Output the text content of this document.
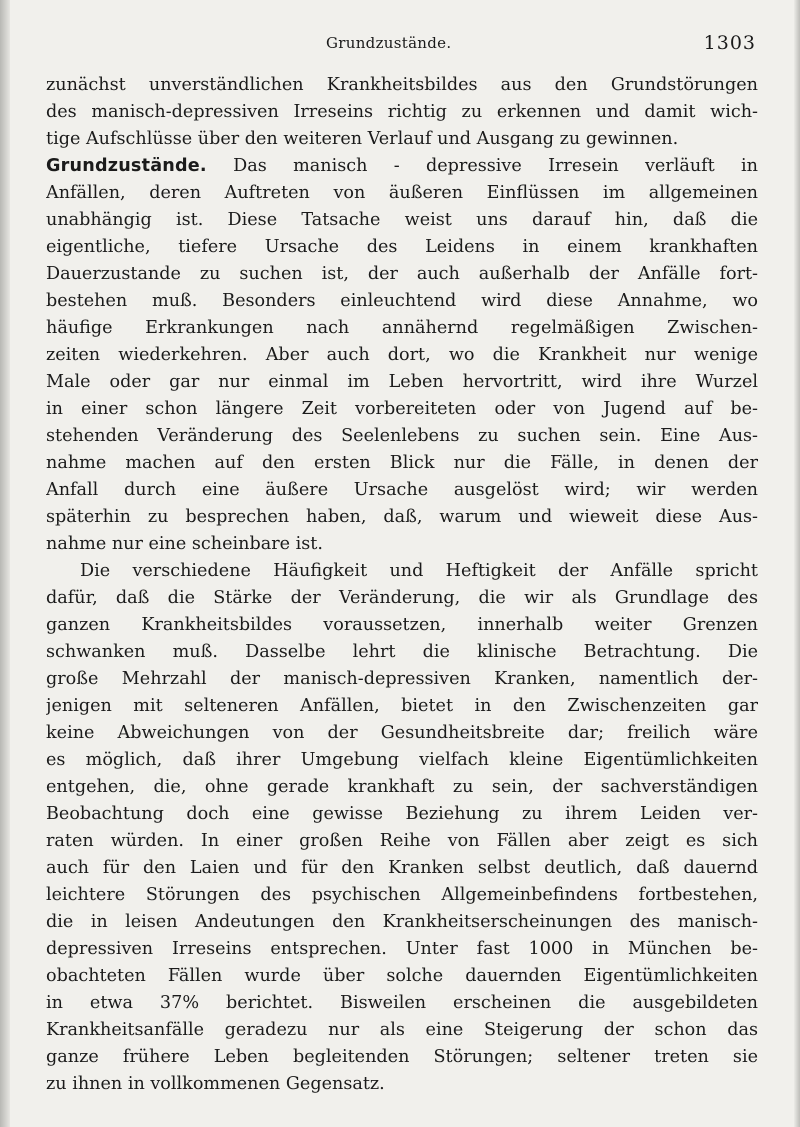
Grundzustände.	1303
zunächst unverständlichen Krankheitsbildes aus den Grundstörungen
des manisch-depressiven Irreseins richtig zu erkennen und damit wich-
tige Aufschlüsse über den weiteren Verlauf und Ausgang zu gewinnen.
Grundzustände. Das manisch - depressive Irresein verläuft in
Anfällen, deren Auftreten von äußeren Einflüssen im allgemeinen
unabhängig ist. Diese Tatsache weist uns darauf hin, daß die
eigentliche, tiefere Ursache des Leidens in einem krankhaften
Dauerzustande zu suchen ist, der auch außerhalb der Anfälle fort-
bestehen muß. Besonders einleuchtend wird diese Annahme, wo
häufige Erkrankungen nach annähernd regelmäßigen Zwischen-
zeiten wiederkehren. Aber auch dort, wo die Krankheit nur wenige
Male oder gar nur einmal im Leben hervortritt, wird ihre Wurzel
in einer schon längere Zeit vorbereiteten oder von Jugend auf be-
stehenden Veränderung des Seelenlebens zu suchen sein. Eine Aus-
nahme machen auf den ersten Blick nur die Fälle, in denen der
Anfall durch eine äußere Ursache ausgelöst wird; wir werden
späterhin zu besprechen haben, daß, warum und wieweit diese Aus-
nahme nur eine scheinbare ist.
Die verschiedene Häufigkeit und Heftigkeit der Anfälle spricht
dafür, daß die Stärke der Veränderung, die wir als Grundlage des
ganzen Krankheitsbildes voraussetzen, innerhalb weiter Grenzen
schwanken muß. Dasselbe lehrt die klinische Betrachtung. Die
große Mehrzahl der manisch-depressiven Kranken, namentlich der-
jenigen mit selteneren Anfällen, bietet in den Zwischenzeiten gar
keine Abweichungen von der Gesundheitsbreite dar; freilich wäre
es möglich, daß ihrer Umgebung vielfach kleine Eigentümlichkeiten
entgehen, die, ohne gerade krankhaft zu sein, der sachverständigen
Beobachtung doch eine gewisse Beziehung zu ihrem Leiden ver-
raten würden. In einer großen Reihe von Fällen aber zeigt es sich
auch für den Laien und für den Kranken selbst deutlich, daß dauernd
leichtere Störungen des psychischen Allgemeinbefindens fortbestehen,
die in leisen Andeutungen den Krankheitserscheinungen des manisch-
depressiven Irreseins entsprechen. Unter fast 1000 in München be-
obachteten Fällen wurde über solche dauernden Eigentümlichkeiten
in etwa 37% berichtet. Bisweilen erscheinen die ausgebildeten
Krankheitsanfälle geradezu nur als eine Steigerung der schon das
ganze frühere Leben begleitenden Störungen; seltener treten sie
zu ihnen in vollkommenen Gegensatz.
